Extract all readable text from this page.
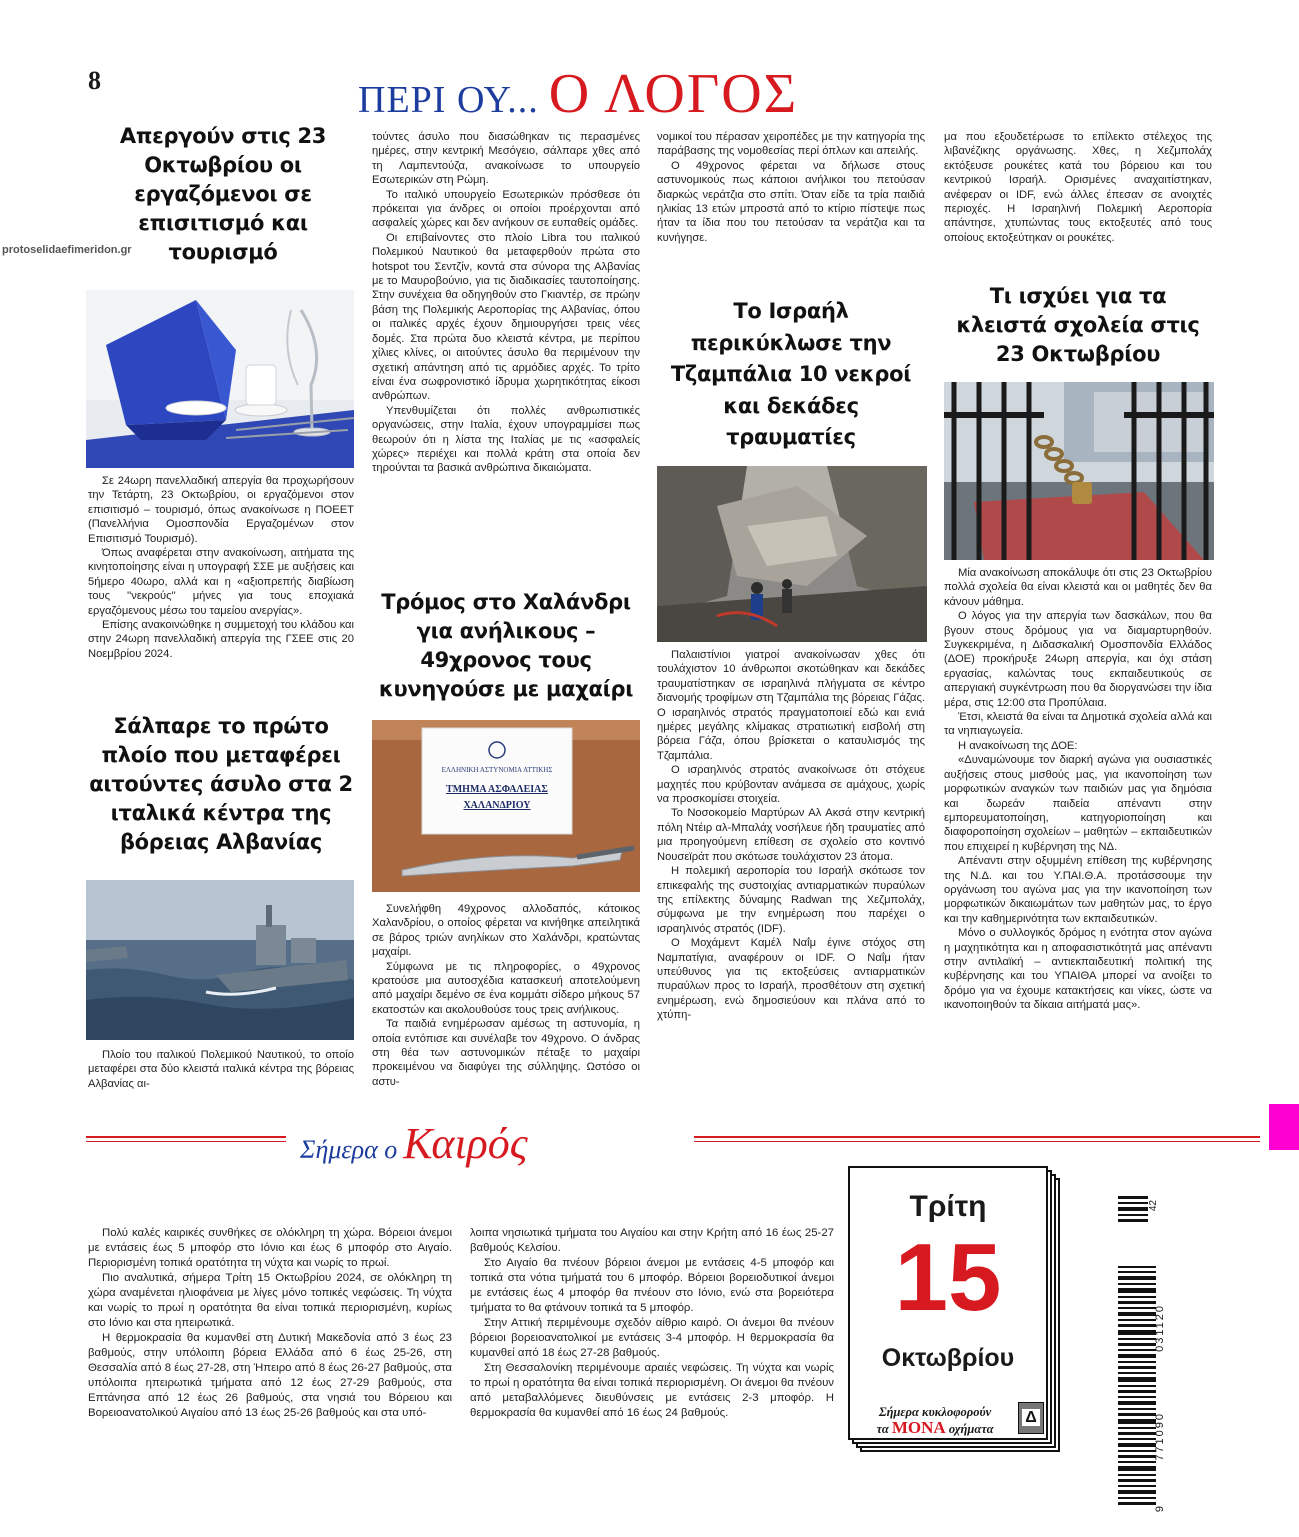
8	ΠΕΡΙ ΟΥ... Ο ΛΟΓΟΣ
protoselidaefimeridon.gr
Απεργούν στις 23 Οκτωβρίου οι εργαζόμενοι σε επισιτισμό και τουρισμό

Σε 24ωρη πανελλαδική απεργία θα προχωρήσουν την Τετάρτη, 23 Οκτωβρίου, οι εργαζόμενοι στον επισιτισμό – τουρισμό, όπως ανακοίνωσε η ΠΟΕΕΤ (Πανελλήνια Ομοσπονδία Εργαζομένων στον Επισιτισμό Τουρισμό).

Όπως αναφέρεται στην ανακοίνωση, αιτήματα της κινητοποίησης είναι η υπογραφή ΣΣΕ με αυξήσεις και 5ήμερο 40ωρο, αλλά και η «αξιοπρεπής διαβίωση τους ''νεκρούς'' μήνες για τους εποχιακά εργαζόμενους μέσω του ταμείου ανεργίας».

Επίσης ανακοινώθηκε η συμμετοχή του κλάδου και στην 24ωρη πανελλαδική απεργία της ΓΣΕΕ στις 20 Νοεμβρίου 2024.

Σάλπαρε το πρώτο πλοίο που μεταφέρει αιτούντες άσυλο στα 2 ιταλικά κέντρα της βόρειας Αλβανίας

Πλοίο του ιταλικού Πολεμικού Ναυτικού, το οποίο μεταφέρει στα δύο κλειστά ιταλικά κέντρα της βόρειας Αλβανίας αι-

τούντες άσυλο που διασώθηκαν τις περασμένες ημέρες, στην κεντρική Μεσόγειο, σάλπαρε χθες από τη Λαμπεντούζα, ανακοίνωσε το υπουργείο Εσωτερικών στη Ρώμη.

Το ιταλικό υπουργείο Εσωτερικών πρόσθεσε ότι πρόκειται για άνδρες οι οποίοι προέρχονται από ασφαλείς χώρες και δεν ανήκουν σε ευπαθείς ομάδες.

Οι επιβαίνοντες στο πλοίο Libra του ιταλικού Πολεμικού Ναυτικού θα μεταφερθούν πρώτα στο hotspot του Σεντζίν, κοντά στα σύνορα της Αλβανίας με το Μαυροβούνιο, για τις διαδικασίες ταυτοποίησης. Στην συνέχεια θα οδηγηθούν στο Γκιαντέρ, σε πρώην βάση της Πολεμικής Αεροπορίας της Αλβανίας, όπου οι ιταλικές αρχές έχουν δημιουργήσει τρεις νέες δομές. Στα πρώτα δυο κλειστά κέντρα, με περίπου χίλιες κλίνες, οι αιτούντες άσυλο θα περιμένουν την σχετική απάντηση από τις αρμόδιες αρχές. Το τρίτο είναι ένα σωφρονιστικό ίδρυμα χωρητικότητας είκοσι ανθρώπων.

Υπενθυμίζεται ότι πολλές ανθρωπιστικές οργανώσεις, στην Ιταλία, έχουν υπογραμμίσει πως θεωρούν ότι η λίστα της Ιταλίας με τις «ασφαλείς χώρες» περιέχει και πολλά κράτη στα οποία δεν τηρούνται τα βασικά ανθρώπινα δικαιώματα.

Τρόμος στο Χαλάνδρι για ανήλικους – 49χρονος τους κυνηγούσε με μαχαίρι
ΕΛΛΗΝΙΚΗ ΑΣΤΥΝΟΜΙΑ ΑΤΤΙΚΗΣ
ΤΜΗΜΑ ΑΣΦΑΛΕΙΑΣ
ΧΑΛΑΝΔΡΙΟΥ

Συνελήφθη 49χρονος αλλοδαπός, κάτοικος Χαλανδρίου, ο οποίος φέρεται να κινήθηκε απειλητικά σε βάρος τριών ανηλίκων στο Χαλάνδρι, κρατώντας μαχαίρι.

Σύμφωνα με τις πληροφορίες, ο 49χρονος κρατούσε μια αυτοσχέδια κατασκευή αποτελούμενη από μαχαίρι δεμένο σε ένα κομμάτι σίδερο μήκους 57 εκατοστών και ακολουθούσε τους τρεις ανήλικους.

Τα παιδιά ενημέρωσαν αμέσως τη αστυνομία, η οποία εντόπισε και συνέλαβε τον 49χρονο. Ο άνδρας στη θέα των αστυνομικών πέταξε το μαχαίρι προκειμένου να διαφύγει της σύλληψης. Ωστόσο οι αστυ-

νομικοί του πέρασαν χειροπέδες με την κατηγορία της παράβασης της νομοθεσίας περί όπλων και απειλής.

Ο 49χρονος φέρεται να δήλωσε στους αστυνομικούς πως κάποιοι ανήλικοι του πετούσαν διαρκώς νεράτζια στο σπίτι. Όταν είδε τα τρία παιδιά ηλικίας 13 ετών μπροστά από το κτίριο πίστεψε πως ήταν τα ίδια που του πετούσαν τα νεράτζια και τα κυνήγησε.

Το Ισραήλ περικύκλωσε την Τζαμπάλια 10 νεκροί και δεκάδες τραυματίες

Παλαιστίνιοι γιατροί ανακοίνωσαν χθες ότι τουλάχιστον 10 άνθρωποι σκοτώθηκαν και δεκάδες τραυματίστηκαν σε ισραηλινά πλήγματα σε κέντρο διανομής τροφίμων στη Τζαμπάλια της βόρειας Γάζας. Ο ισραηλινός στρατός πραγματοποιεί εδώ και ενιά ημέρες μεγάλης κλίμακας στρατιωτική εισβολή στη βόρεια Γάζα, όπου βρίσκεται ο καταυλισμός της Τζαμπάλια.

Ο ισραηλινός στρατός ανακοίνωσε ότι στόχευε μαχητές που κρύβονταν ανάμεσα σε αμάχους, χωρίς να προσκομίσει στοιχεία.

Το Νοσοκομείο Μαρτύρων Αλ Ακσά στην κεντρική πόλη Ντέιρ αλ-Μπαλάχ νοσήλευε ήδη τραυματίες από μια προηγούμενη επίθεση σε σχολείο στο κοντινό Νουσεϊράτ που σκότωσε τουλάχιστον 23 άτομα.

Η πολεμική αεροπορία του Ισραήλ σκότωσε τον επικεφαλής της συστοιχίας αντιαρματικών πυραύλων της επίλεκτης δύναμης Radwan της Χεζμπολάχ, σύμφωνα με την ενημέρωση που παρέχει ο ισραηλινός στρατός (IDF).

Ο Μοχάμεντ Καμέλ Ναΐμ έγινε στόχος στη Ναμπατίγια, αναφέρουν οι IDF. Ο Ναΐμ ήταν υπεύθυνος για τις εκτοξεύσεις αντιαρματικών πυραύλων προς το Ισραήλ, προσθέτουν στη σχετική ενημέρωση, ενώ δημοσιεύουν και πλάνα από το χτύπη-

μα που εξουδετέρωσε το επίλεκτο στέλεχος της λιβανέζικης οργάνωσης. Χθες, η Χεζμπολάχ εκτόξευσε ρουκέτες κατά του βόρειου και του κεντρικού Ισραήλ. Ορισμένες αναχαιτίστηκαν, ανέφεραν οι IDF, ενώ άλλες έπεσαν σε ανοιχτές περιοχές. Η Ισραηλινή Πολεμική Αεροπορία απάντησε, χτυπώντας τους εκτοξευτές από τους οποίους εκτοξεύτηκαν οι ρουκέτες.

Τι ισχύει για τα κλειστά σχολεία στις 23 Οκτωβρίου

Μία ανακοίνωση αποκάλυψε ότι στις 23 Οκτωβρίου πολλά σχολεία θα είναι κλειστά και οι μαθητές δεν θα κάνουν μάθημα.

Ο λόγος για την απεργία των δασκάλων, που θα βγουν στους δρόμους για να διαμαρτυρηθούν. Συγκεκριμένα, η Διδασκαλική Ομοσπονδία Ελλάδος (ΔΟΕ) προκήρυξε 24ωρη απεργία, και όχι στάση εργασίας, καλώντας τους εκπαιδευτικούς σε απεργιακή συγκέντρωση που θα διοργανώσει την ίδια μέρα, στις 12:00 στα Προπύλαια.

Έτσι, κλειστά θα είναι τα Δημοτικά σχολεία αλλά και τα νηπιαγωγεία.

Η ανακοίνωση της ΔΟΕ:

«Δυναμώνουμε τον διαρκή αγώνα για ουσιαστικές αυξήσεις στους μισθούς μας, για ικανοποίηση των μορφωτικών αναγκών των παιδιών μας για δημόσια και δωρεάν παιδεία απέναντι στην εμπορευματοποίηση, κατηγοριοποίηση και διαφοροποίηση σχολείων – μαθητών – εκπαιδευτικών που επιχειρεί η κυβέρνηση της ΝΔ.

Απέναντι στην οξυμμένη επίθεση της κυβέρνησης της Ν.Δ. και του Υ.ΠΑΙ.Θ.Α. προτάσσουμε την οργάνωση του αγώνα μας για την ικανοποίηση των μορφωτικών δικαιωμάτων των μαθητών μας, το έργο και την καθημερινότητα των εκπαιδευτικών.

Μόνο ο συλλογικός δρόμος η ενότητα στον αγώνα η μαχητικότητα και η αποφασιστικότητά μας απέναντι στην αντιλαϊκή – αντιεκπαιδευτική πολιτική της κυβέρνησης και του ΥΠΑΙΘΑ μπορεί να ανοίξει το δρόμο για να έχουμε κατακτήσεις και νίκες, ώστε να ικανοποιηθούν τα δίκαια αιτήματά μας».

Σήμερα ο Καιρός

Πολύ καλές καιρικές συνθήκες σε ολόκληρη τη χώρα. Βόρειοι άνεμοι με εντάσεις έως 5 μποφόρ στο Ιόνιο και έως 6 μποφόρ στο Αιγαίο. Περιορισμένη τοπικά ορατότητα τη νύχτα και νωρίς το πρωί.

Πιο αναλυτικά, σήμερα Τρίτη 15 Οκτωβρίου 2024, σε ολόκληρη τη χώρα αναμένεται ηλιοφάνεια με λίγες μόνο τοπικές νεφώσεις. Τη νύχτα και νωρίς το πρωί η ορατότητα θα είναι τοπικά περιορισμένη, κυρίως στο Ιόνιο και στα ηπειρωτικά.

Η θερμοκρασία θα κυμανθεί στη Δυτική Μακεδονία από 3 έως 23 βαθμούς, στην υπόλοιπη βόρεια Ελλάδα από 6 έως 25-26, στη Θεσσαλία από 8 έως 27-28, στη Ήπειρο από 8 έως 26-27 βαθμούς, στα υπόλοιπα ηπειρωτικά τμήματα από 12 έως 27-29 βαθμούς, στα Επτάνησα από 12 έως 26 βαθμούς, στα νησιά του Βόρειου και Βορειοανατολικού Αιγαίου από 13 έως 25-26 βαθμούς και στα υπό-

λοιπα νησιωτικά τμήματα του Αιγαίου και στην Κρήτη από 16 έως 25-27 βαθμούς Κελσίου.

Στο Αιγαίο θα πνέουν βόρειοι άνεμοι με εντάσεις 4-5 μποφόρ και τοπικά στα νότια τμήματά του 6 μποφόρ. Βόρειοι βορειοδυτικοί άνεμοι με εντάσεις έως 4 μποφόρ θα πνέουν στο Ιόνιο, ενώ στα βορειότερα τμήματα το θα φτάνουν τοπικά τα 5 μποφόρ.

Στην Αττική περιμένουμε σχεδόν αίθριο καιρό. Οι άνεμοι θα πνέουν βόρειοι βορειοανατολικοί με εντάσεις 3-4 μποφόρ. Η θερμοκρασία θα κυμανθεί από 18 έως 27-28 βαθμούς.

Στη Θεσσαλονίκη περιμένουμε αραιές νεφώσεις. Τη νύχτα και νωρίς το πρωί η ορατότητα θα είναι τοπικά περιορισμένη. Οι άνεμοι θα πνέουν από μεταβαλλόμενες διευθύνσεις με εντάσεις 2-3 μποφόρ. Η θερμοκρασία θα κυμανθεί από 16 έως 24 βαθμούς.

Τρίτη
15
Οκτωβρίου
Σήμερα κυκλοφορούν
τα ΜΟΝΑ οχήματα
Δ
42
031120
771090
9
